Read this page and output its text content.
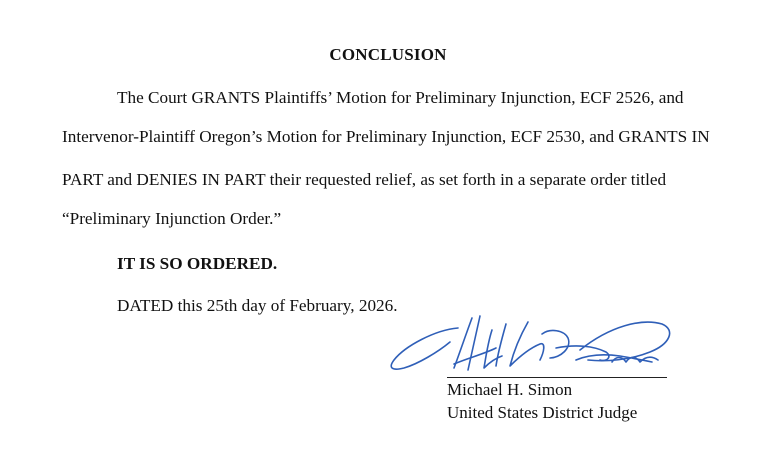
CONCLUSION
The Court GRANTS Plaintiffs’ Motion for Preliminary Injunction, ECF 2526, and
Intervenor-Plaintiff Oregon’s Motion for Preliminary Injunction, ECF 2530, and GRANTS IN
PART and DENIES IN PART their requested relief, as set forth in a separate order titled
“Preliminary Injunction Order.”
IT IS SO ORDERED.
DATED this 25th day of February, 2026.
Michael H. Simon
United States District Judge
